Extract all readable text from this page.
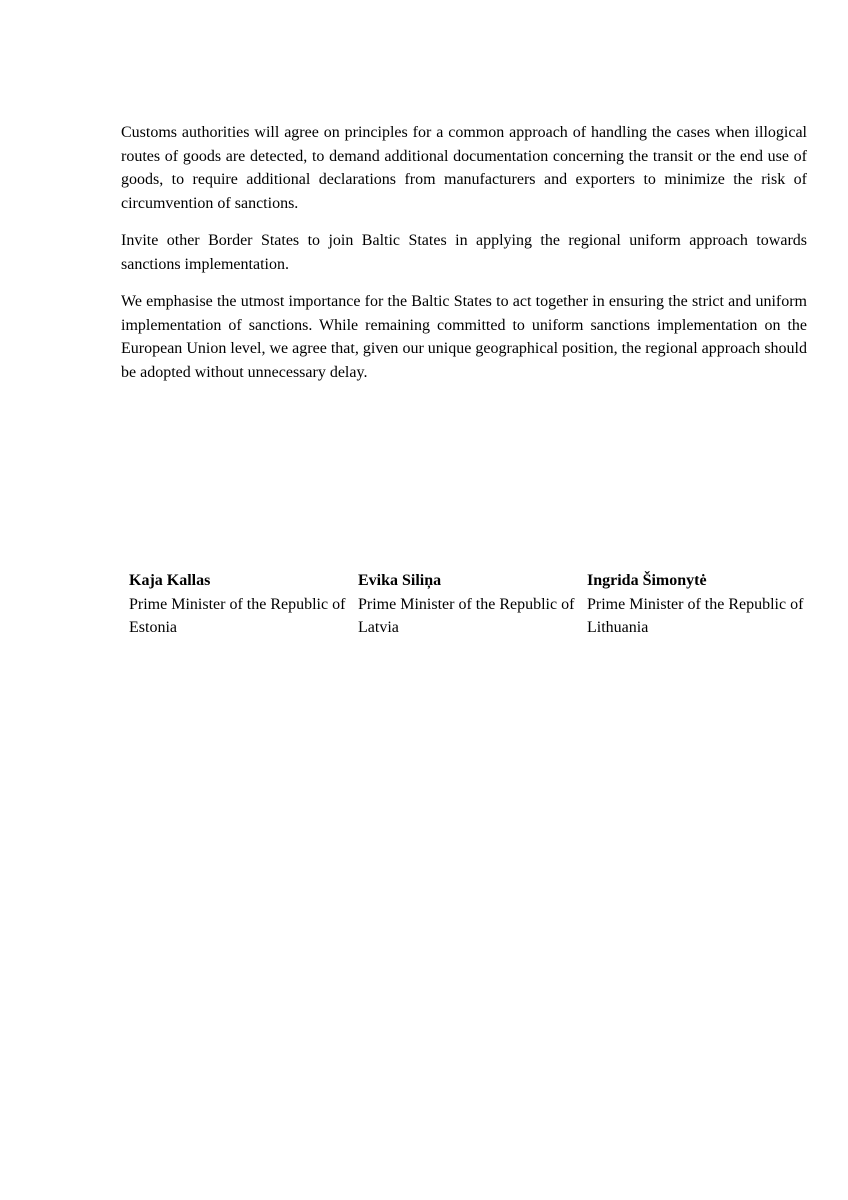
Customs authorities will agree on principles for a common approach of handling the cases when illogical routes of goods are detected, to demand additional documentation concerning the transit or the end use of goods, to require additional declarations from manufacturers and exporters to minimize the risk of circumvention of sanctions.

Invite other Border States to join Baltic States in applying the regional uniform approach towards sanctions implementation.

We emphasise the utmost importance for the Baltic States to act together in ensuring the strict and uniform implementation of sanctions. While remaining committed to uniform sanctions implementation on the European Union level, we agree that, given our unique geographical position, the regional approach should be adopted without unnecessary delay.

Kaja Kallas
Prime Minister of the Republic of Estonia
Evika Siliņa
Prime Minister of the Republic of Latvia
Ingrida Šimonytė
Prime Minister of the Republic of Lithuania
